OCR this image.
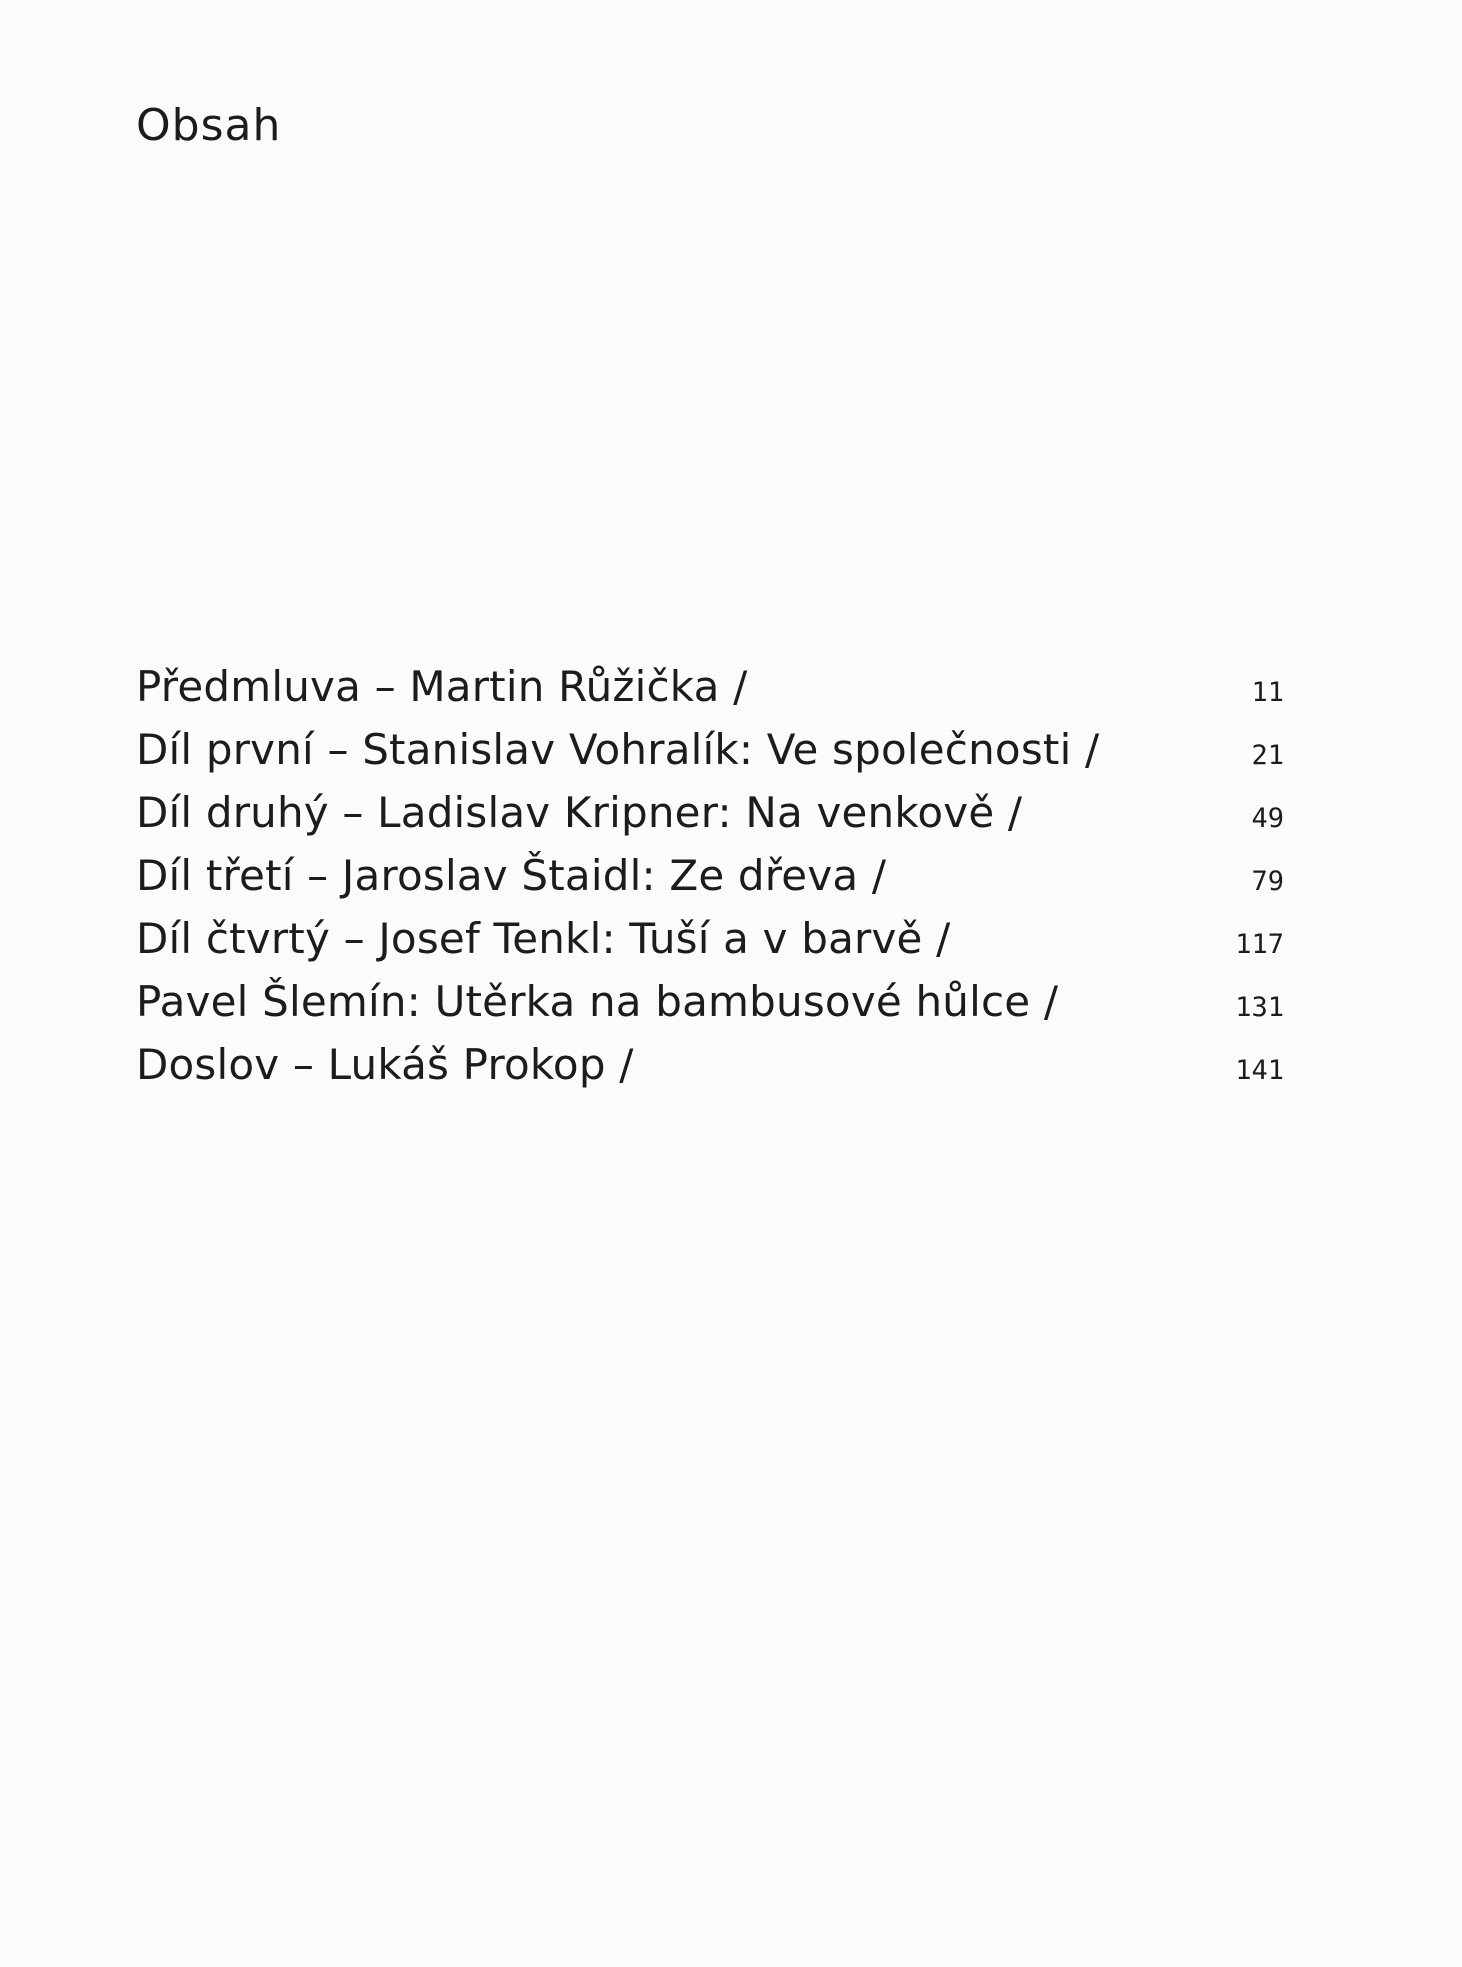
Obsah
Předmluva – Martin Růžička /	11
Díl první – Stanislav Vohralík: Ve společnosti /	21
Díl druhý – Ladislav Kripner: Na venkově /	49
Díl třetí – Jaroslav Štaidl: Ze dřeva /	79
Díl čtvrtý – Josef Tenkl: Tuší a v barvě /	117
Pavel Šlemín: Utěrka na bambusové hůlce /	131
Doslov – Lukáš Prokop /	141
